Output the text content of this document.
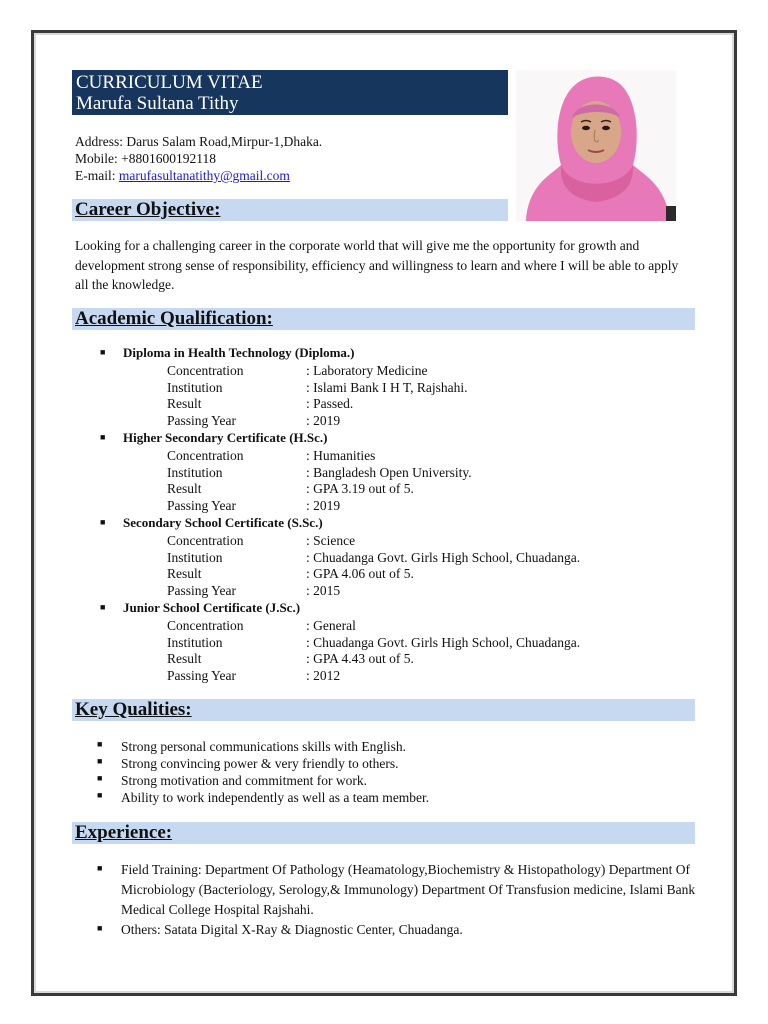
CURRICULUM VITAE
Marufa Sultana Tithy
Address: Darus Salam Road,Mirpur-1,Dhaka.
Mobile: +8801600192118
E-mail: marufasultanatithy@gmail.com
Career Objective:
Looking for a challenging career in the corporate world that will give me the opportunity for growth and development strong sense of responsibility, efficiency and willingness to learn and where I will be able to apply all the knowledge.
Academic Qualification:
■	Diploma in Health Technology (Diploma.)
Concentration	: Laboratory Medicine
Institution	: Islami Bank I H T, Rajshahi.
Result	: Passed.
Passing Year	: 2019
■	Higher Secondary Certificate (H.Sc.)
Concentration	: Humanities
Institution	: Bangladesh Open University.
Result	: GPA 3.19 out of 5.
Passing Year	: 2019
■	Secondary School Certificate (S.Sc.)
Concentration	: Science
Institution	: Chuadanga Govt. Girls High School, Chuadanga.
Result	: GPA 4.06 out of 5.
Passing Year	: 2015
■	Junior School Certificate (J.Sc.)
Concentration	: General
Institution	: Chuadanga Govt. Girls High School, Chuadanga.
Result	: GPA 4.43 out of 5.
Passing Year	: 2012
Key Qualities:
■	Strong personal communications skills with English.
■	Strong convincing power & very friendly to others.
■	Strong motivation and commitment for work.
■	Ability to work independently as well as a team member.
Experience:
■	Field Training: Department Of Pathology (Heamatology,Biochemistry & Histopathology) Department Of Microbiology (Bacteriology, Serology,& Immunology) Department Of Transfusion medicine, Islami Bank Medical College Hospital Rajshahi.
■	Others: Satata Digital X-Ray & Diagnostic Center, Chuadanga.
